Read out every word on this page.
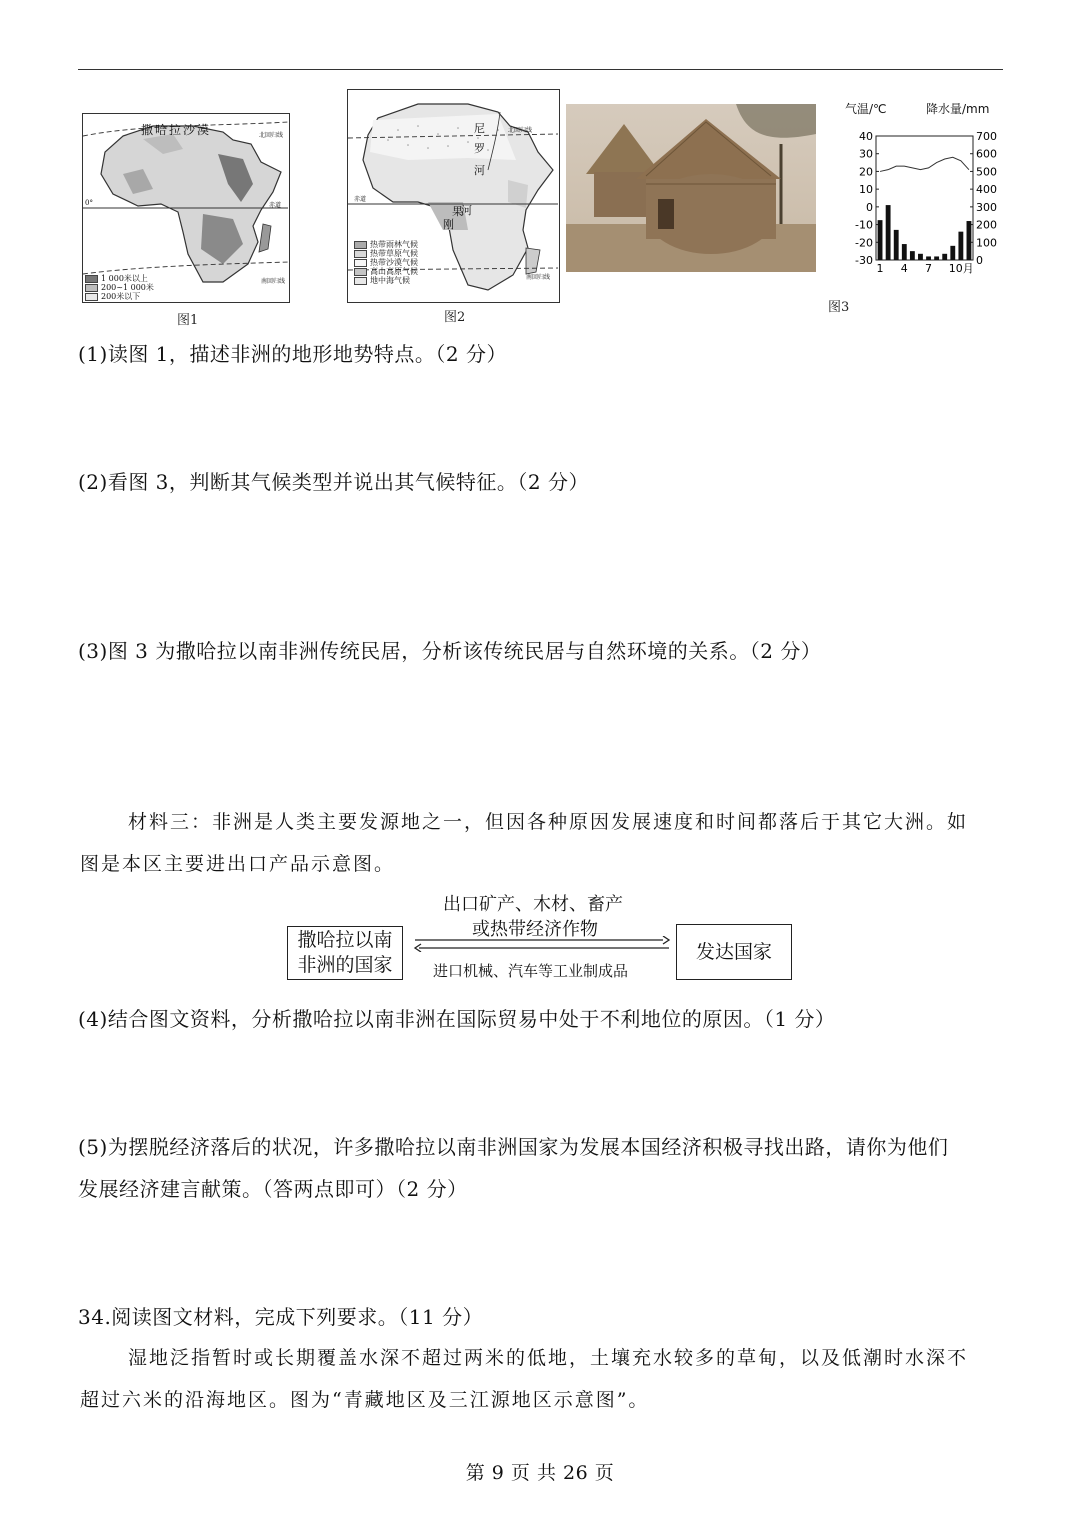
撒哈拉沙漠	北回归线
0°	赤道
南回归线
1 000米以上
200~1 000米
200米以下
图1
北回归线
尼
罗
河
刚
果
河
赤道
南回归线
热带雨林气候
热带草原气候
热带沙漠气候
高山高原气候
地中海气候
图2
气温/℃	降水量/mm
40
30
20
10
0
-10
-20
-30
700
600
500
400
300
200
100
0
1 4 7 10月
图3
(1)读图 1，描述非洲的地形地势特点。（2 分）
(2)看图 3，判断其气候类型并说出其气候特征。（2 分）
(3)图 3 为撒哈拉以南非洲传统民居，分析该传统民居与自然环境的关系。（2 分）
材料三：非洲是人类主要发源地之一，但因各种原因发展速度和时间都落后于其它大洲。如
图是本区主要进出口产品示意图。
撒哈拉以南
非洲的国家
发达国家
出口矿产、木材、畜产
或热带经济作物
进口机械、汽车等工业制成品
(4)结合图文资料，分析撒哈拉以南非洲在国际贸易中处于不利地位的原因。（1 分）
(5)为摆脱经济落后的状况，许多撒哈拉以南非洲国家为发展本国经济积极寻找出路，请你为他们
发展经济建言献策。（答两点即可）（2 分）
34.阅读图文材料，完成下列要求。（11 分）
湿地泛指暂时或长期覆盖水深不超过两米的低地，土壤充水较多的草甸，以及低潮时水深不
超过六米的沿海地区。图为“青藏地区及三江源地区示意图”。
第 9 页 共 26 页
